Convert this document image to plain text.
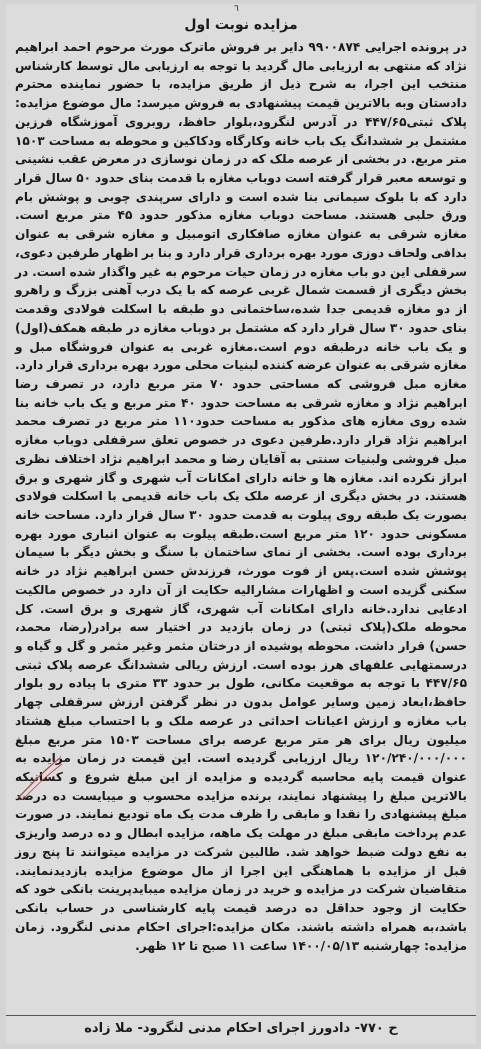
٦
مزایده نوبت اول
در پرونده اجرایی ۹۹۰۰۸۷۴ دایر بر فروش ماترک مورث مرحوم احمد ابراهیم نژاد که منتهی به ارزیابی مال گردید با توجه به ارزیابی مال توسط کارشناس منتخب این اجرا، به شرح ذیل از طریق مزایده، با حضور نماینده محترم دادستان وبه بالاترین قیمت پیشنهادی به فروش میرسد: مال موضوع مزایده: پلاک ثبتی۴۴۷/۶۵ در آدرس لنگرود،بلوار حافظ، روبروی آموزشگاه فرزین مشتمل بر ششدانگ یک باب خانه وکارگاه ودکاکین و محوطه به مساحت ۱۵۰۳ متر مربع. در بخشی از عرصه ملک که در زمان نوسازی در معرض عقب نشینی و توسعه معبر قرار گرفته است دوباب مغازه با قدمت بنای حدود ۵۰ سال قرار دارد که با بلوک سیمانی بنا شده است و دارای سرپندی چوبی و پوشش بام ورق حلبی هستند. مساحت دوباب مغازه مذکور حدود ۴۵ متر مربع است. مغازه شرقی به عنوان مغازه صافکاری اتومبیل و مغازه شرقی به عنوان بدافی ولحاف دوزی مورد بهره برداری قرار دارد و بنا بر اظهار طرفین دعوی، سرقفلی این دو باب مغازه در زمان حیات مرحوم به غیر واگذار شده است. در بخش دیگری از قسمت شمال غربی عرصه که با یک درب آهنی بزرگ و راهرو از دو مغازه قدیمی جدا شده،ساختمانی دو طبقه با اسکلت فولادی وقدمت بنای حدود ۳۰ سال قرار دارد که مشتمل بر دوباب مغازه در طبقه همکف(اول) و یک باب خانه درطبقه دوم است.مغازه غربی به عنوان فروشگاه مبل و مغازه شرقی به عنوان عرضه کننده لبنیات محلی مورد بهره برداری قرار دارد. مغازه مبل فروشی که مساحتی حدود ۷۰ متر مربع دارد، در تصرف رضا ابراهیم نژاد و مغازه شرقی به مساحت حدود ۴۰ متر مربع و یک باب خانه بنا شده روی مغازه های مذکور به مساحت حدود۱۱۰ متر مربع در تصرف محمد ابراهیم نژاد قرار دارد.طرفین دعوی در خصوص تعلق سرقفلی دوباب مغازه مبل فروشی ولبنیات سنتی به آقایان رضا و محمد ابراهیم نژاد اختلاف نظری ابراز نکرده اند. مغازه ها و خانه دارای امکانات آب شهری و گاز شهری و برق هستند. در بخش دیگری از عرصه ملک یک باب خانه قدیمی با اسکلت فولادی بصورت یک طبقه روی پیلوت به قدمت حدود ۳۰ سال قرار دارد. مساحت خانه مسکونی حدود ۱۲۰ متر مربع است.طبقه پیلوت به عنوان انباری مورد بهره برداری بوده است. بخشی از نمای ساختمان با سنگ و بخش دیگر با سیمان پوشش شده است.پس از فوت مورث، فرزندش حسن ابراهیم نژاد در خانه سکنی گزیده است و اظهارات مشارالیه حکایت از آن دارد در خصوص مالکیت ادعایی ندارد.خانه دارای امکانات آب شهری، گاز شهری و برق است. کل محوطه ملک(پلاک ثبتی) در زمان بازدید در اختیار سه برادر(رضا، محمد، حسن) قرار داشت. محوطه پوشیده از درختان مثمر وغیر مثمر و گل و گیاه و درسمتهایی علفهای هرز بوده است. ارزش ریالی ششدانگ عرصه پلاک ثبتی ۴۴۷/۶۵ با توجه به موقعیت مکانی، طول بر حدود ۳۳ متری با پیاده رو بلوار حافظ،ابعاد زمین وسایر عوامل بدون در نظر گرفتن ارزش سرقفلی چهار باب مغازه و ارزش اعیانات احداثی در عرصه ملک و با احتساب مبلغ هشتاد میلیون ریال برای هر متر مربع عرصه برای مساحت ۱۵۰۳ متر مربع مبلغ ۱۲۰/۲۴۰/۰۰۰/۰۰۰ ریال ارزیابی گردیده است. این قیمت در زمان مزایده به عنوان قیمت پایه محاسبه گردیده و مزایده از این مبلغ شروع و کسانیکه بالاترین مبلغ را پیشنهاد نمایند، برنده مزایده محسوب و میبایست ده درصد مبلغ پیشنهادی را نقدا و مابقی را ظرف مدت یک ماه تودیع نمایند. در صورت عدم پرداخت مابقی مبلغ در مهلت یک ماهه، مزایده ابطال و ده درصد واریزی به نفع دولت ضبط خواهد شد. طالبین شرکت در مزایده میتوانند تا پنج روز قبل از مزایده با هماهنگی این اجرا از مال موضوع مزایده بازدیدنمایند. متقاضیان شرکت در مزایده و خرید در زمان مزایده میبایدپرینت بانکی خود که حکایت از وجود حداقل ده درصد قیمت پایه کارشناسی در حساب بانکی باشد،به همراه داشته باشند. مکان مزایده:اجرای احکام مدنی لنگرود. زمان مزایده: چهارشنبه ۱۴۰۰/۰۵/۱۳ ساعت ۱۱ صبح تا ۱۲ ظهر.
ح ۷۷۰- دادورز اجرای احکام مدنی لنگرود- ملا زاده
